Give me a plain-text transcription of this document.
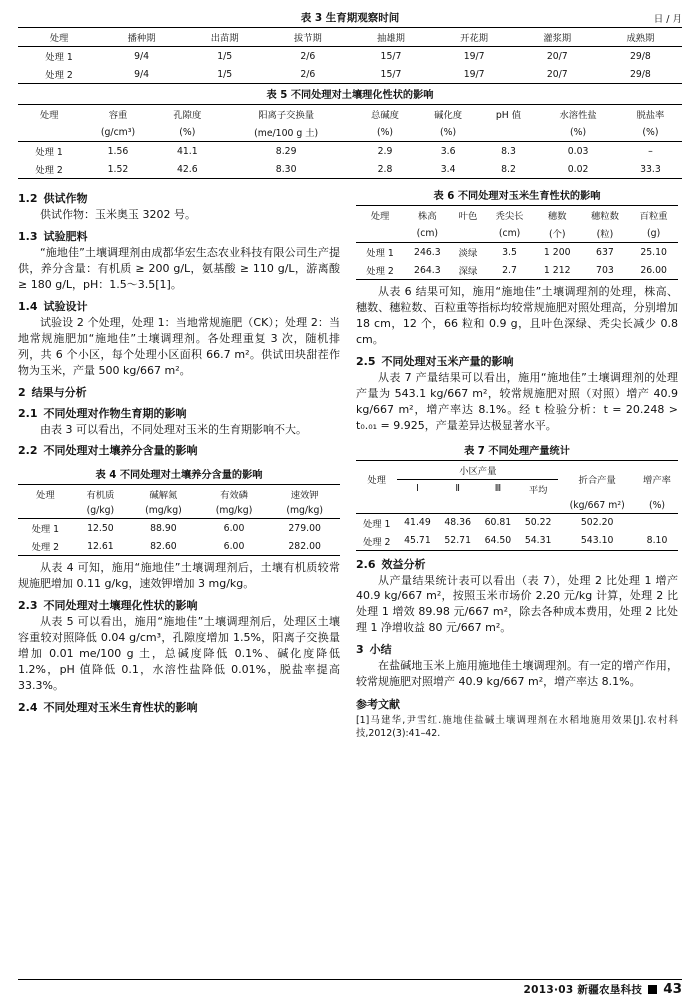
表 3 生育期观察时间	日 / 月
处理	播种期	出苗期	拔节期	抽雄期	开花期	灌浆期	成熟期
处理 1	9/4	1/5	2/6	15/7	19/7	20/7	29/8
处理 2	9/4	1/5	2/6	15/7	19/7	20/7	29/8
表 5 不同处理对土壤理化性状的影响
处理	容重	孔隙度	阳离子交换量	总碱度	碱化度	pH 值	水溶性盐	脱盐率
	(g/cm³)	(%)	(me/100 g 土)	(%)	(%)		(%)	(%)
处理 1	1.56	41.1	8.29	2.9	3.6	8.3	0.03	–
处理 2	1.52	42.6	8.30	2.8	3.4	8.2	0.02	33.3
1.2 供试作物

供试作物：玉米奥玉 3202 号。

1.3 试验肥料

“施地佳”土壤调理剂由成都华宏生态农业科技有限公司生产提供，养分含量：有机质 ≥ 200 g/L，氨基酸 ≥ 110 g/L，游离酸 ≥ 180 g/L，pH：1.5～3.5[1]。

1.4 试验设计

试验设 2 个处理，处理 1：当地常规施肥（CK）；处理 2：当地常规施肥加“施地佳”土壤调理剂。各处理重复 3 次，随机排列，共 6 个小区，每个处理小区面积 66.7 m²。供试田块甜茬作物为玉米，产量 500 kg/667 m²。

2 结果与分析
2.1 不同处理对作物生育期的影响

由表 3 可以看出，不同处理对玉米的生育期影响不大。

2.2 不同处理对土壤养分含量的影响
表 4 不同处理对土壤养分含量的影响
处理	有机质	碱解氮	有效磷	速效钾
	(g/kg)	(mg/kg)	(mg/kg)	(mg/kg)
处理 1	12.50	88.90	6.00	279.00
处理 2	12.61	82.60	6.00	282.00

从表 4 可知，施用“施地佳”土壤调理剂后，土壤有机质较常规施肥增加 0.11 g/kg，速效钾增加 3 mg/kg。

2.3 不同处理对土壤理化性状的影响

从表 5 可以看出，施用“施地佳”土壤调理剂后，处理区土壤容重较对照降低 0.04 g/cm³，孔隙度增加 1.5%，阳离子交换量增加 0.01 me/100 g 土，总碱度降低 0.1%、碱化度降低 1.2%，pH 值降低 0.1，水溶性盐降低 0.01%，脱盐率提高 33.3%。

2.4 不同处理对玉米生育性状的影响
表 6 不同处理对玉米生育性状的影响
处理	株高	叶色	秃尖长	穗数	穗粒数	百粒重
	(cm)		(cm)	(个)	(粒)	(g)
处理 1	246.3	淡绿	3.5	1 200	637	25.10
处理 2	264.3	深绿	2.7	1 212	703	26.00

从表 6 结果可知，施用“施地佳”土壤调理剂的处理，株高、穗数、穗粒数、百粒重等指标均较常规施肥对照处理高，分别增加 18 cm，12 个，66 粒和 0.9 g，且叶色深绿、秃尖长减少 0.8 cm。

2.5 不同处理对玉米产量的影响

从表 7 产量结果可以看出，施用“施地佳”土壤调理剂的处理产量为 543.1 kg/667 m²，较常规施肥对照（对照）增产 40.9 kg/667 m²，增产率达 8.1%。经 t 检验分析：t = 20.248 > t₀.₀₁ = 9.925，产量差异达极显著水平。

表 7 不同处理产量统计
处理	小区产量				折合产量	增产率
	Ⅰ	Ⅱ	Ⅲ	平均		
					(kg/667 m²)	(%)
处理 1	41.49	48.36	60.81	50.22	502.20	
处理 2	45.71	52.71	64.50	54.31	543.10	8.10
2.6 效益分析

从产量结果统计表可以看出（表 7），处理 2 比处理 1 增产 40.9 kg/667 m²，按照玉米市场价 2.20 元/kg 计算，处理 2 比处理 1 增效 89.98 元/667 m²，除去各种成本费用，处理 2 比处理 1 净增收益 80 元/667 m²。

3 小结

在盐碱地玉米上施用施地佳土壤调理剂。有一定的增产作用，较常规施肥对照增产 40.9 kg/667 m²，增产率达 8.1%。

参考文献
[1]马建华,尹雪红.施地佳盐碱土壤调理剂在水稻地施用效果[J].农村科技,2012(3):41–42.
2013·03 新疆农垦科技 43
